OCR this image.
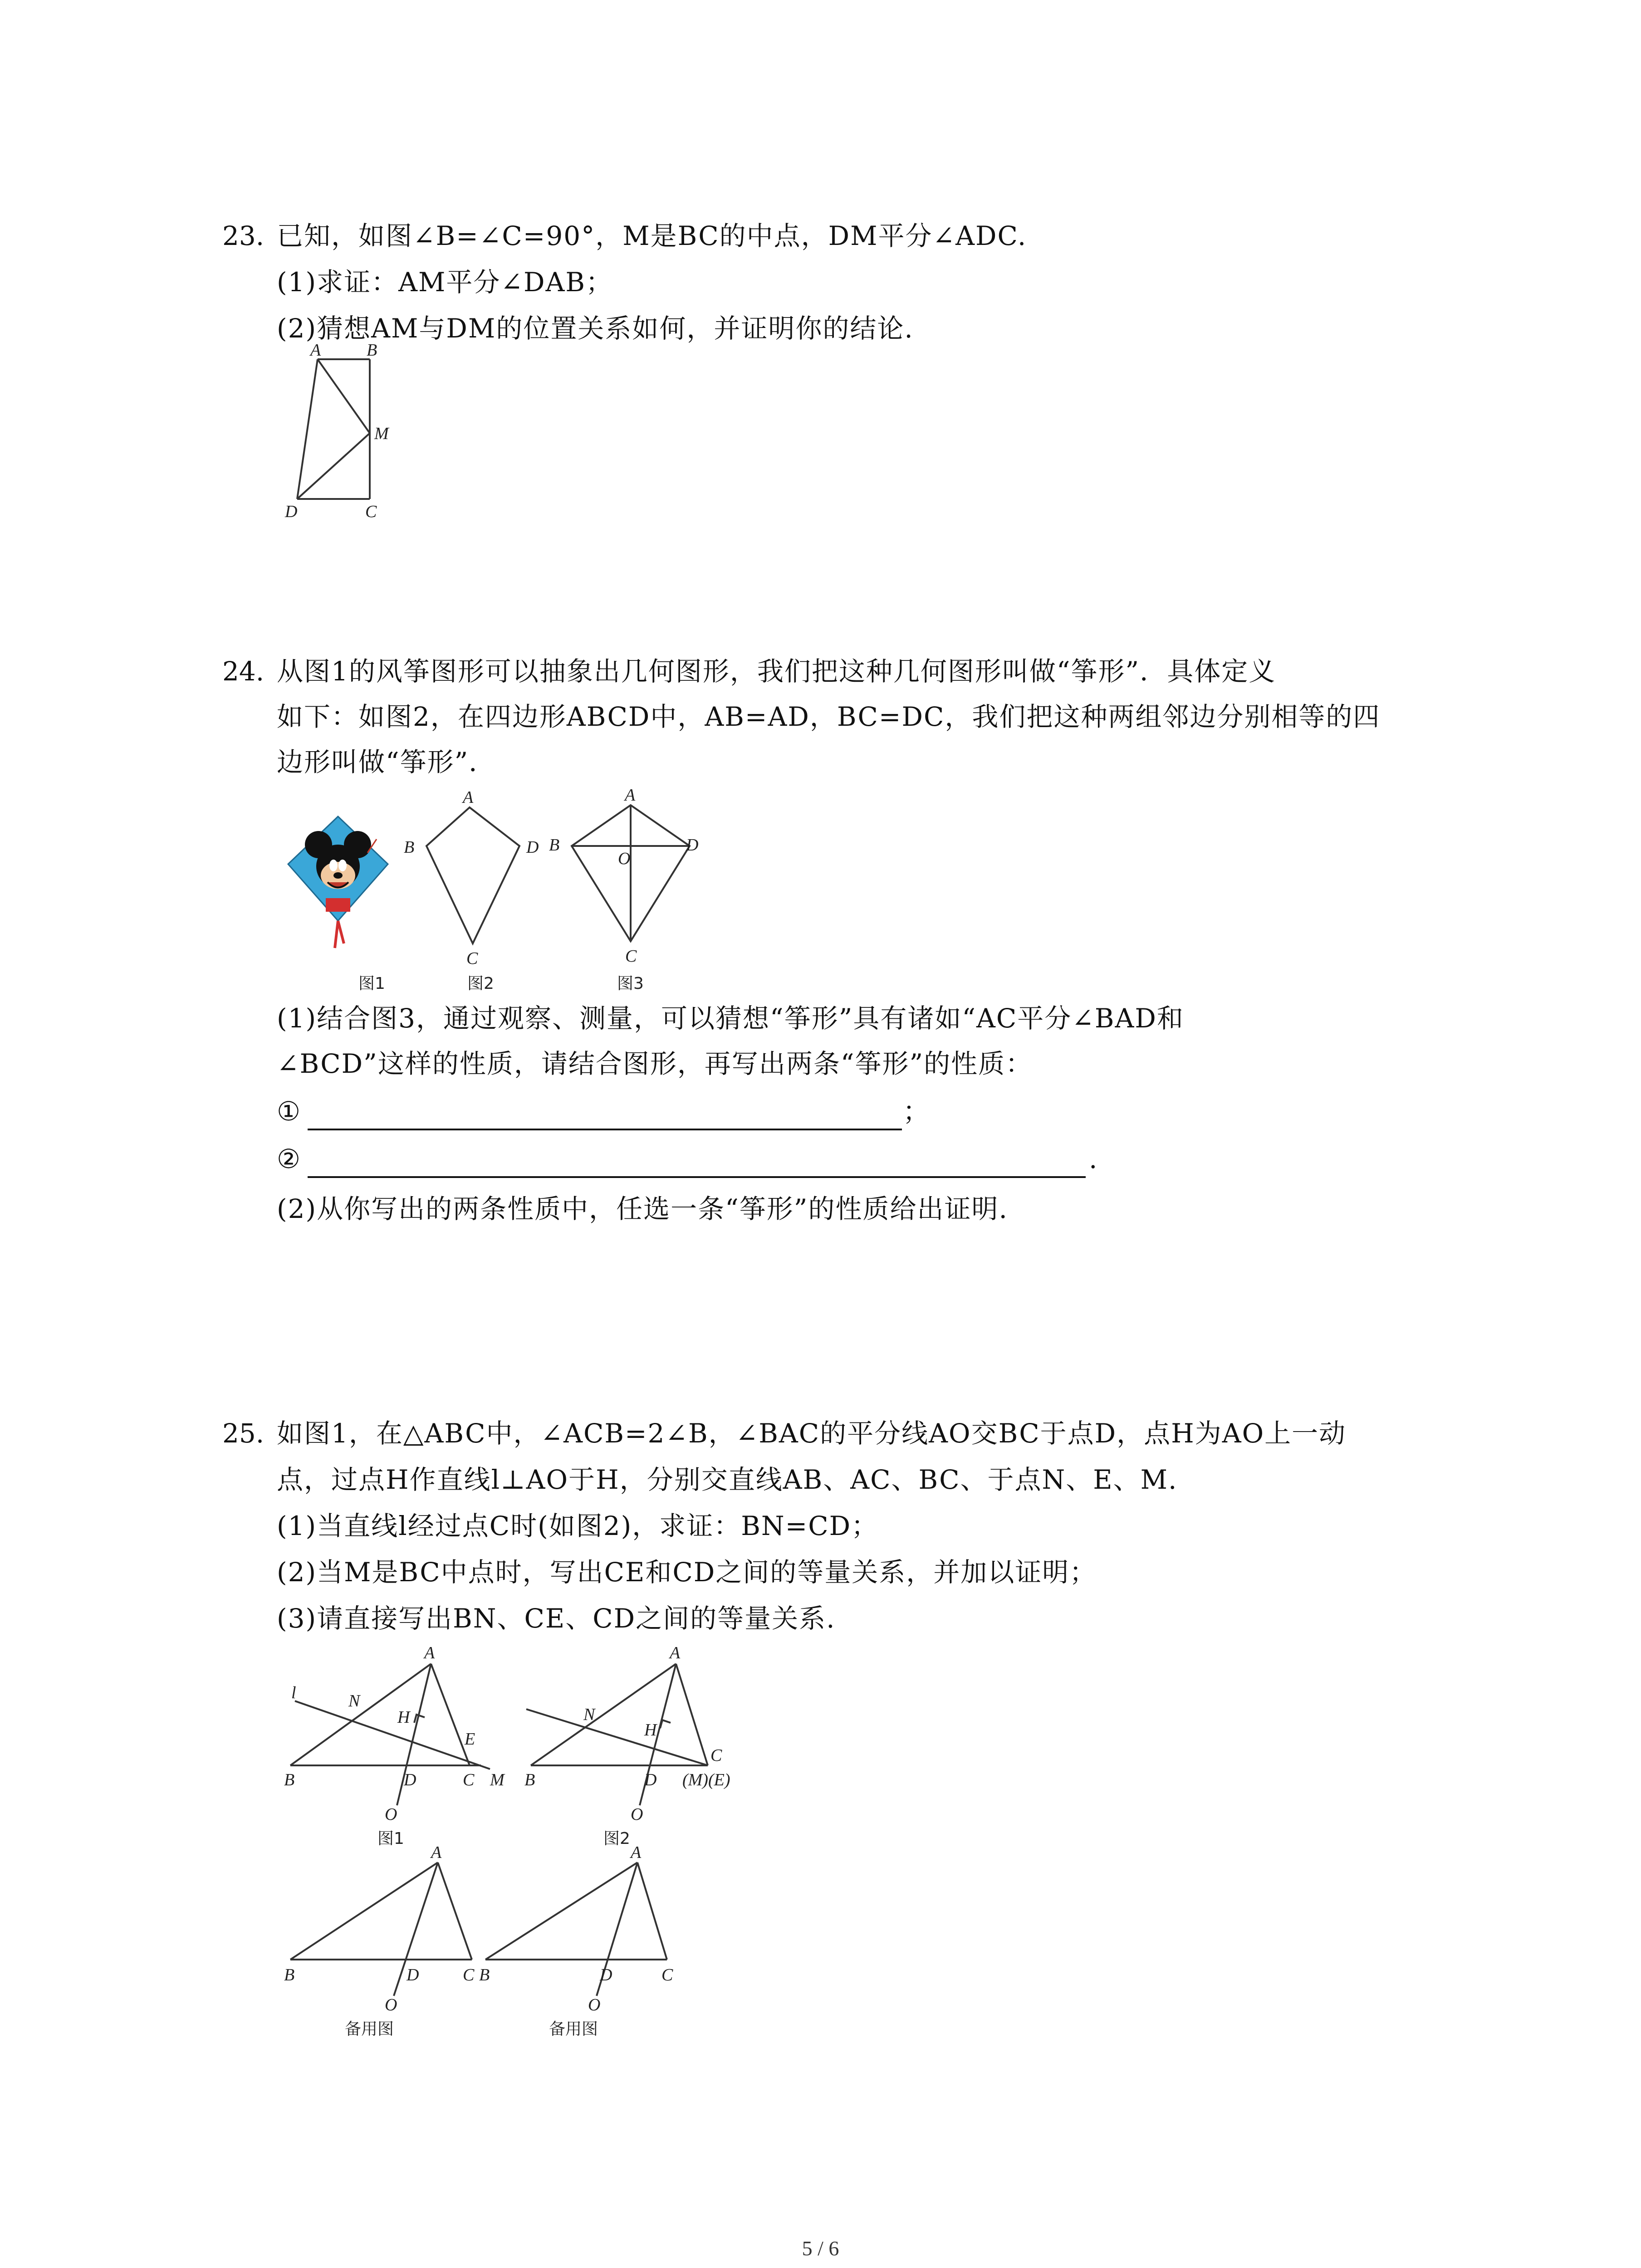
23. 已知，如图∠B=∠C=90°，M是BC的中点，DM平分∠ADC.
(1)求证：AM平分∠DAB；
(2)猜想AM与DM的位置关系如何，并证明你的结论.
A	B
M
D	C
24. 从图1的风筝图形可以抽象出几何图形，我们把这种几何图形叫做“筝形”．具体定义
如下：如图2，在四边形ABCD中，AB=AD，BC=DC，我们把这种两组邻边分别相等的四
边形叫做“筝形”．
A
B	D
C
A
B
O
D
C
图1	图2	图3
(1)结合图3，通过观察、测量，可以猜想“筝形”具有诸如“AC平分∠BAD和
∠BCD”这样的性质，请结合图形，再写出两条“筝形”的性质：
①	；
②	.
(2)从你写出的两条性质中，任选一条“筝形”的性质给出证明.
25. 如图1，在△ABC中，∠ACB=2∠B，∠BAC的平分线AO交BC于点D，点H为AO上一动
点，过点H作直线l⊥AO于H，分别交直线AB、AC、BC、于点N、E、M.
(1)当直线l经过点C时(如图2)，求证：BN=CD；
(2)当M是BC中点时，写出CE和CD之间的等量关系，并加以证明；
(3)请直接写出BN、CE、CD之间的等量关系.
A
l	N
H
E
B	D	C M
O
图1
A
N
H
C
B	D (M)(E)
O
图2
A
B	D	C
O
备用图
A
B	D	C
O
备用图
5 / 6
